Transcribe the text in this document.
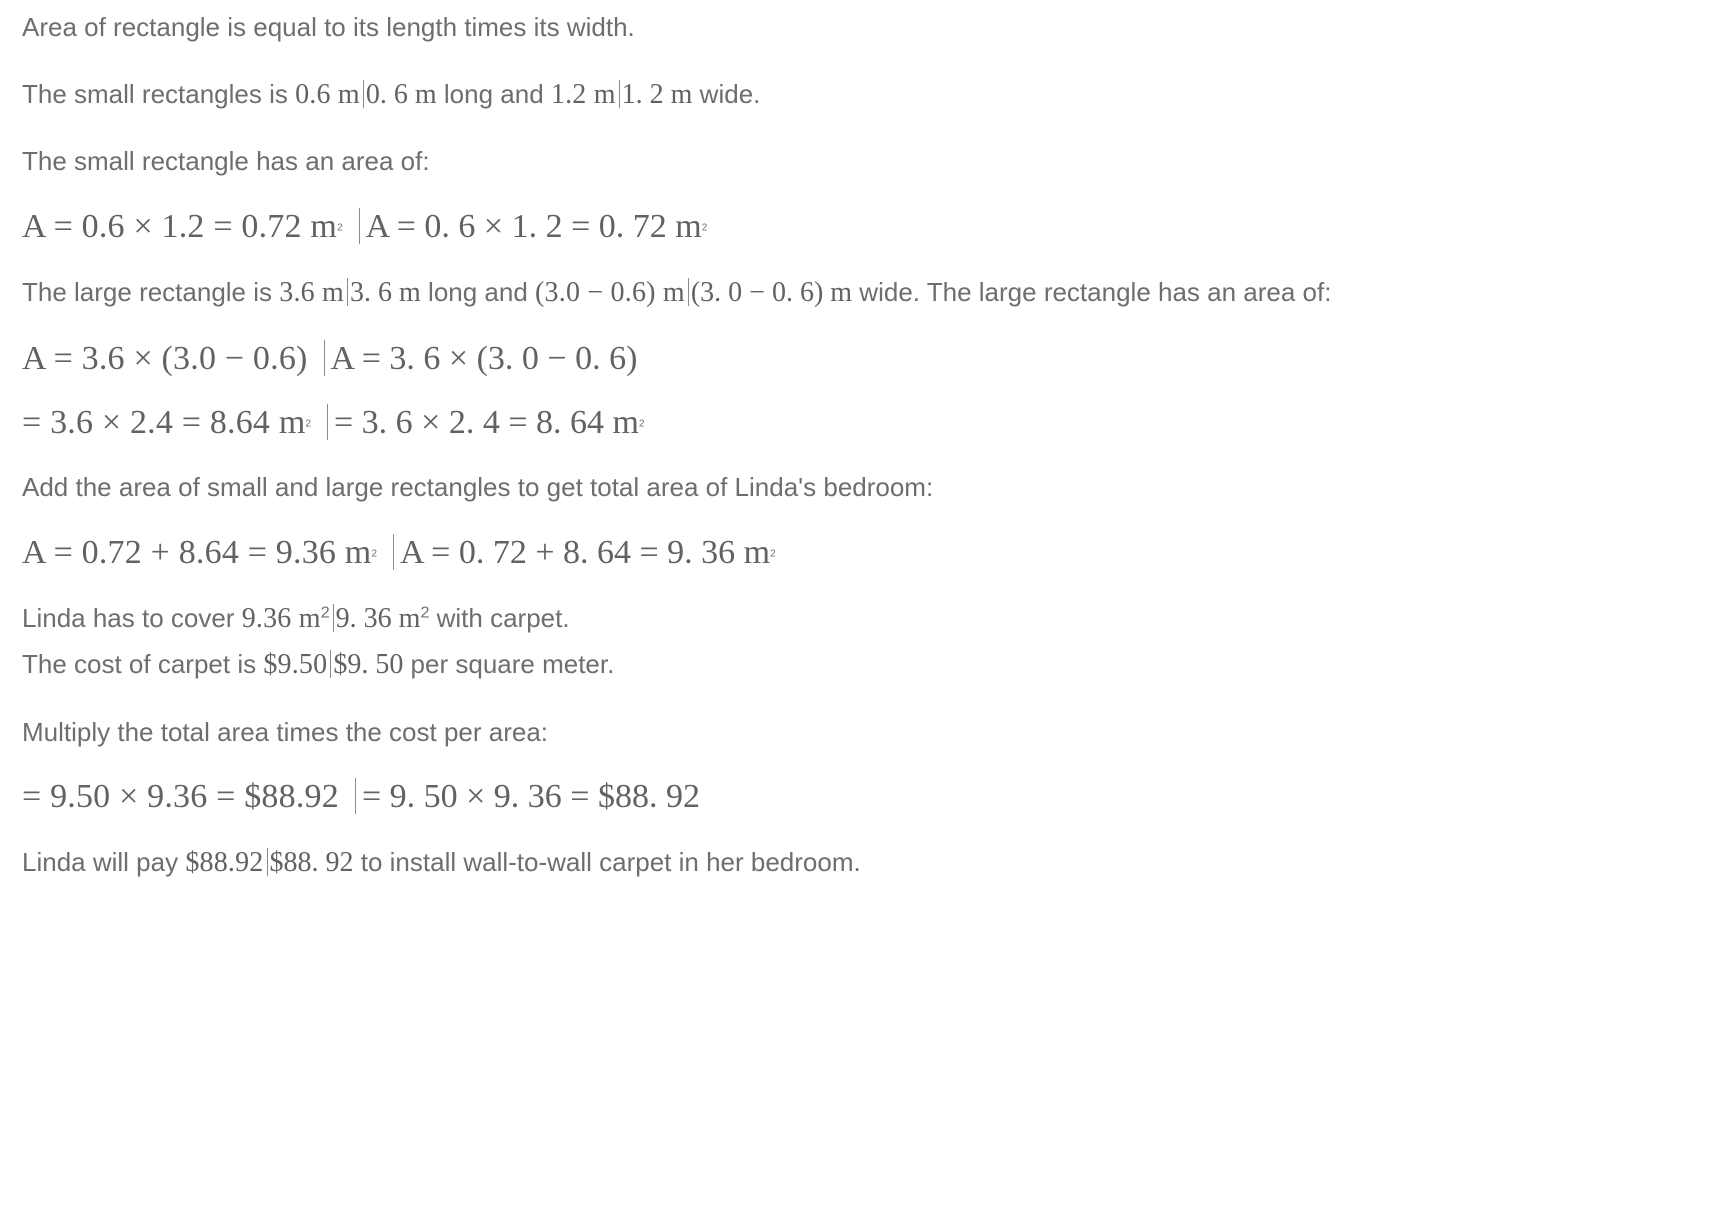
Area of rectangle is equal to its length times its width.

The small rectangles is 0.6 m 0. 6 m long and 1.2 m 1. 2 m wide.

The small rectangle has an area of:

A = 0.6 × 1.2 = 0.72 $m^2$ A = 0. 6 × 1. 2 = 0. 72 $m^2$

The large rectangle is 3.6 m 3. 6 m long and (3.0 − 0.6) m (3. 0 − 0. 6) m wide. The large rectangle has an area of:

A = 3.6 × (3.0 − 0.6) A = 3. 6 × (3. 0 − 0. 6)
= 3.6 × 2.4 = 8.64 $m^2 = 3$. 6 × 2. 4 = 8. 64 $m^2$

Add the area of small and large rectangles to get total area of Linda's bedroom:

A = 0.72 + 8.64 = 9.36 $m^2$ A = 0. 72 + 8. 64 = 9. 36 $m^2$

Linda has to cover 9.36 $m^2$ 9. 36 $m^2$ with carpet.

The cost of carpet is $9.50 $9. 50 per square meter.

Multiply the total area times the cost per area:

= 9.50 × 9.36 = $88.92 = 9. 50 × 9. 36 = $88. 92

Linda will pay $88.92 $88. 92 to install wall-to-wall carpet in her bedroom.
